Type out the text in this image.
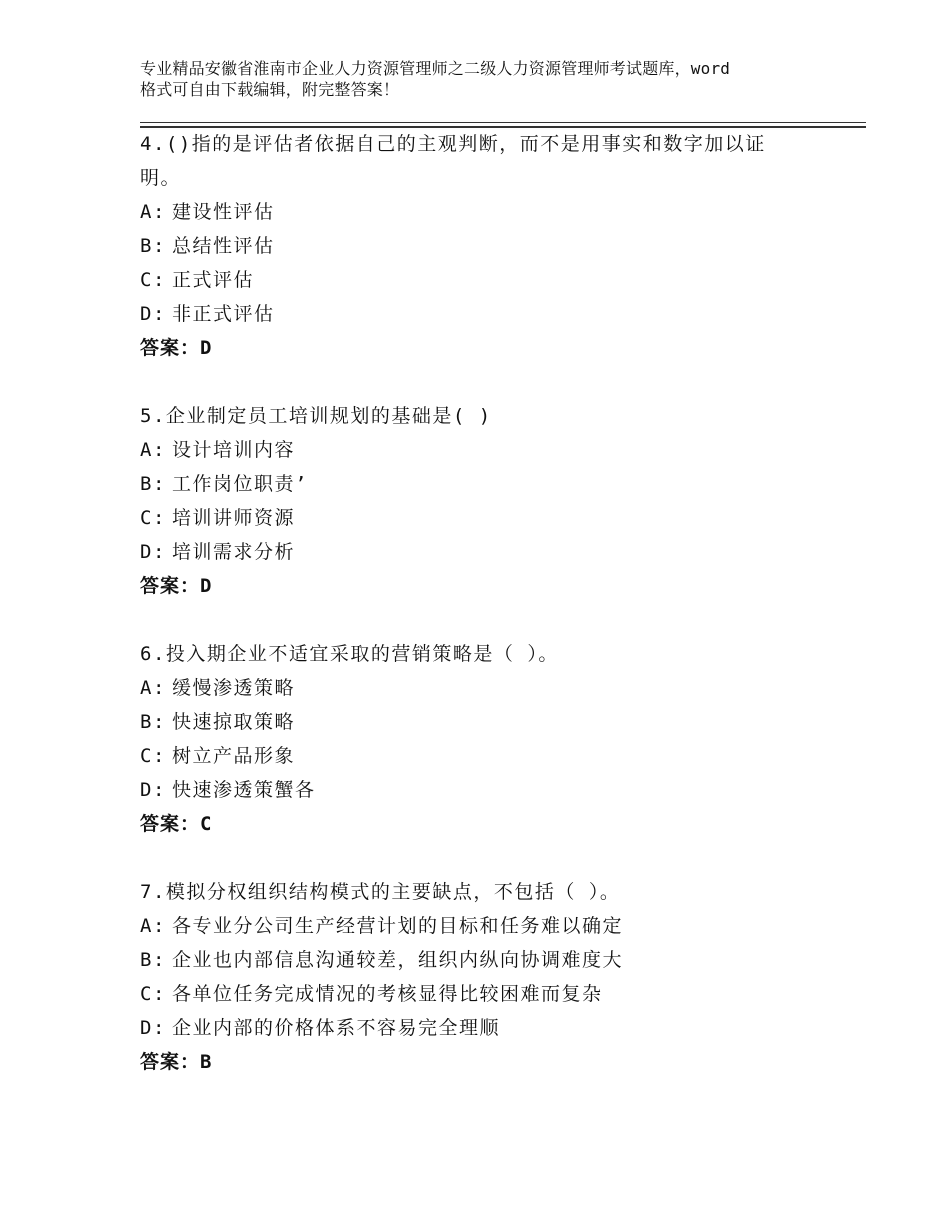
专业精品安徽省淮南市企业人力资源管理师之二级人力资源管理师考试题库，word
格式可自由下载编辑，附完整答案！
4.()指的是评估者依据自己的主观判断，而不是用事实和数字加以证
明。
A: 建设性评估
B: 总结性评估
C: 正式评估
D: 非正式评估
答案：D
5.企业制定员工培训规划的基础是( )
A: 设计培训内容
B: 工作岗位职责’
C: 培训讲师资源
D: 培训需求分析
答案：D
6.投入期企业不适宜采取的营销策略是（ ）。
A: 缓慢渗透策略
B: 快速掠取策略
C: 树立产品形象
D: 快速渗透策蟹各
答案：C
7.模拟分权组织结构模式的主要缺点，不包括（ ）。
A: 各专业分公司生产经营计划的目标和任务难以确定
B: 企业也内部信息沟通较差，组织内纵向协调难度大
C: 各单位任务完成情况的考核显得比较困难而复杂
D: 企业内部的价格体系不容易完全理顺
答案：B
